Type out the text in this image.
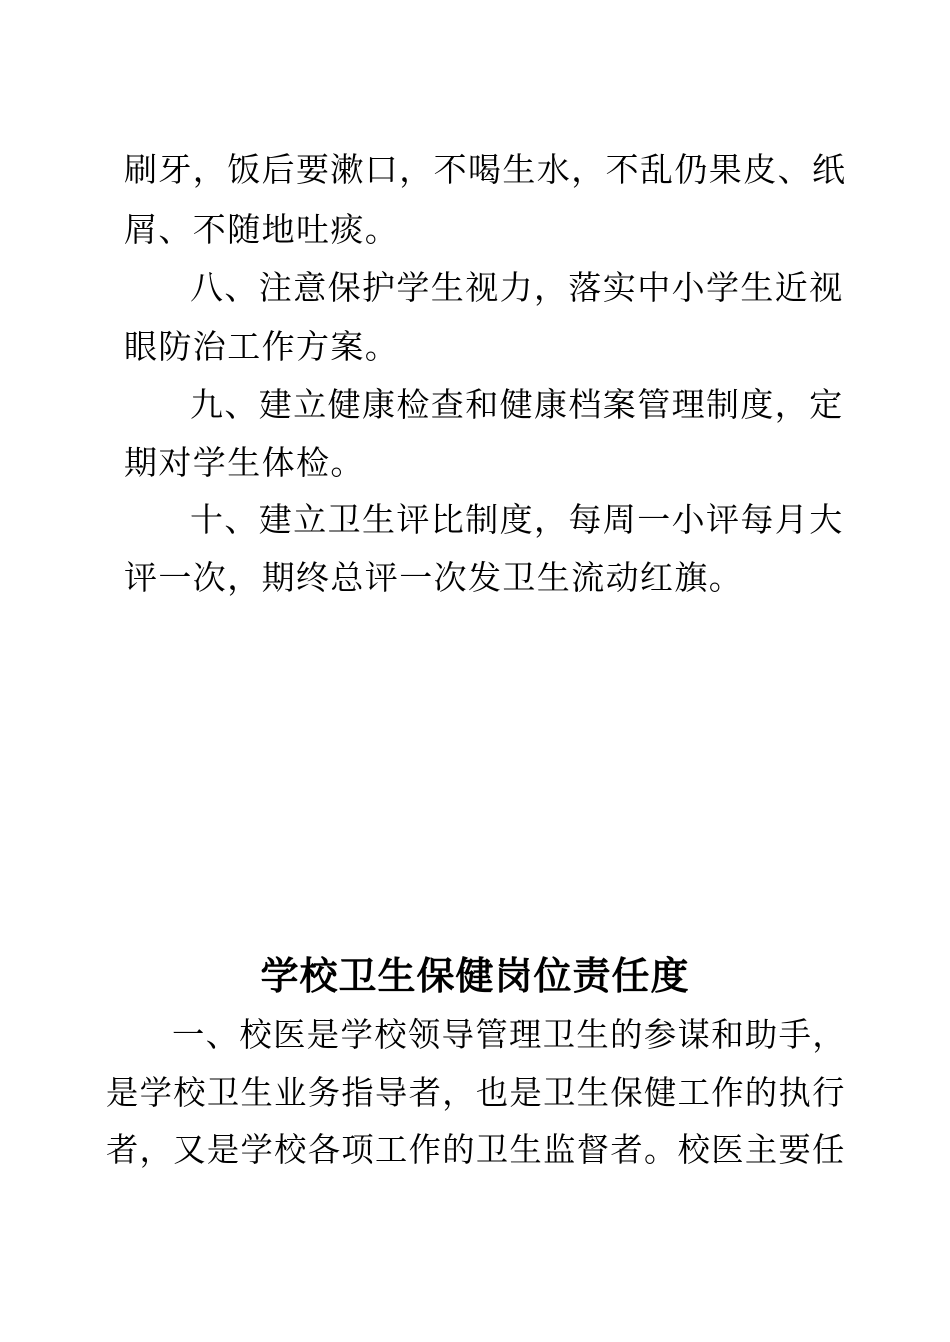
刷牙，饭后要漱口，不喝生水，不乱仍果皮、纸
屑、不随地吐痰。
八、注意保护学生视力，落实中小学生近视
眼防治工作方案。
九、建立健康检查和健康档案管理制度，定
期对学生体检。
十、建立卫生评比制度，每周一小评每月大
评一次，期终总评一次发卫生流动红旗。
学校卫生保健岗位责任度
一、校医是学校领导管理卫生的参谋和助手，
是学校卫生业务指导者，也是卫生保健工作的执行
者，又是学校各项工作的卫生监督者。校医主要任
